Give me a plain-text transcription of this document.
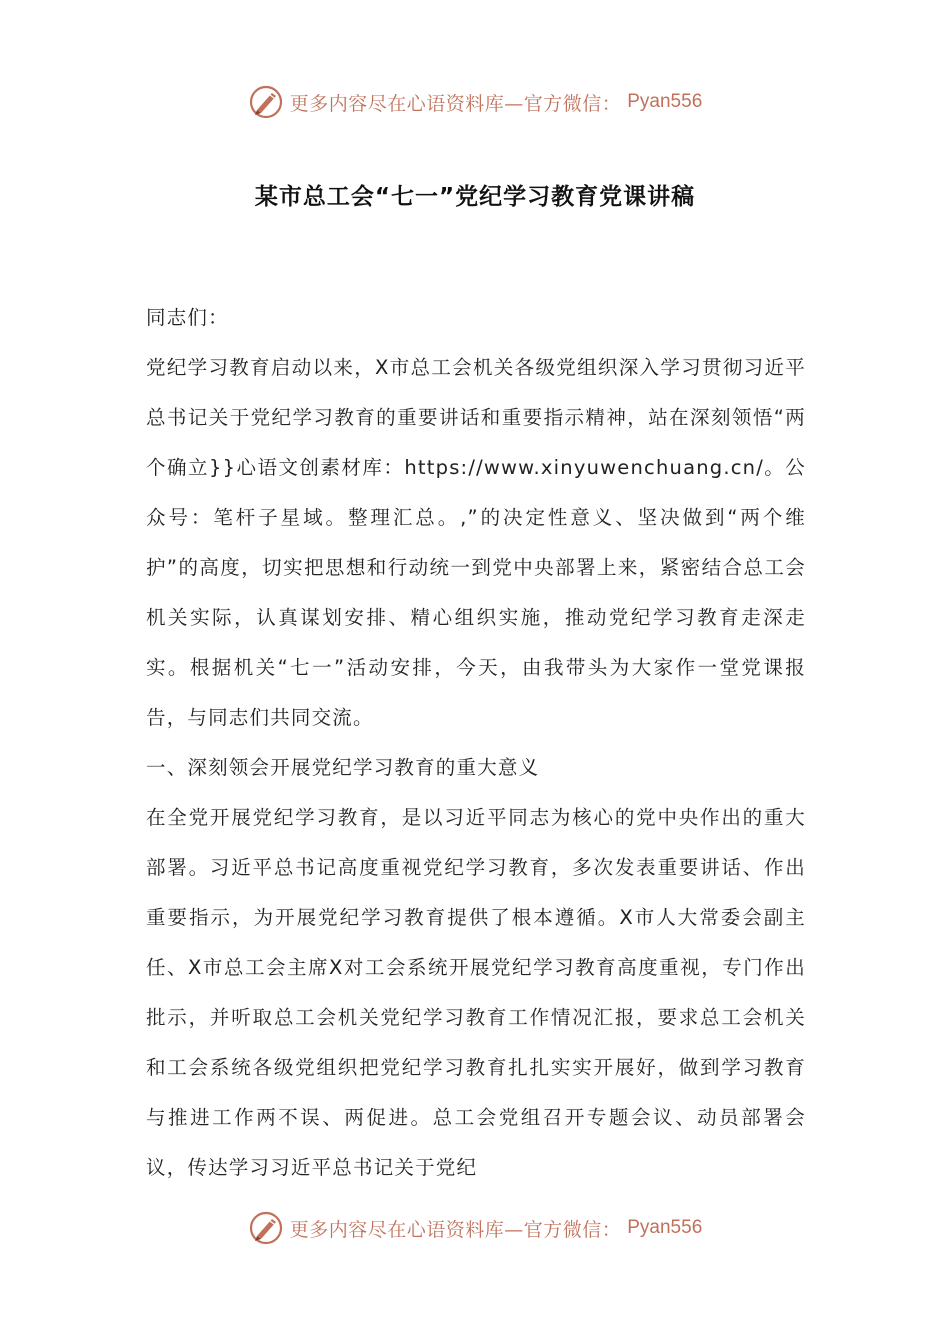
更多内容尽在心语资料库—官方微信： Pyan556
某市总工会“七一”党纪学习教育党课讲稿

同志们：

党纪学习教育启动以来，X市总工会机关各级党组织深入学习贯彻习近平总书记关于党纪学习教育的重要讲话和重要指示精神，站在深刻领悟“两个确立}}心语文创素材库：https://www.xinyuwenchuang.cn/。公众号：笔杆子星域。整理汇总。,”的决定性意义、坚决做到“两个维护”的高度，切实把思想和行动统一到党中央部署上来，紧密结合总工会机关实际，认真谋划安排、精心组织实施，推动党纪学习教育走深走实。根据机关“七一”活动安排，今天，由我带头为大家作一堂党课报告，与同志们共同交流。

一、深刻领会开展党纪学习教育的重大意义

在全党开展党纪学习教育，是以习近平同志为核心的党中央作出的重大部署。习近平总书记高度重视党纪学习教育，多次发表重要讲话、作出重要指示，为开展党纪学习教育提供了根本遵循。X市人大常委会副主任、X市总工会主席X对工会系统开展党纪学习教育高度重视，专门作出批示，并听取总工会机关党纪学习教育工作情况汇报，要求总工会机关和工会系统各级党组织把党纪学习教育扎扎实实开展好，做到学习教育与推进工作两不误、两促进。总工会党组召开专题会议、动员部署会议，传达学习习近平总书记关于党纪

更多内容尽在心语资料库—官方微信： Pyan556
